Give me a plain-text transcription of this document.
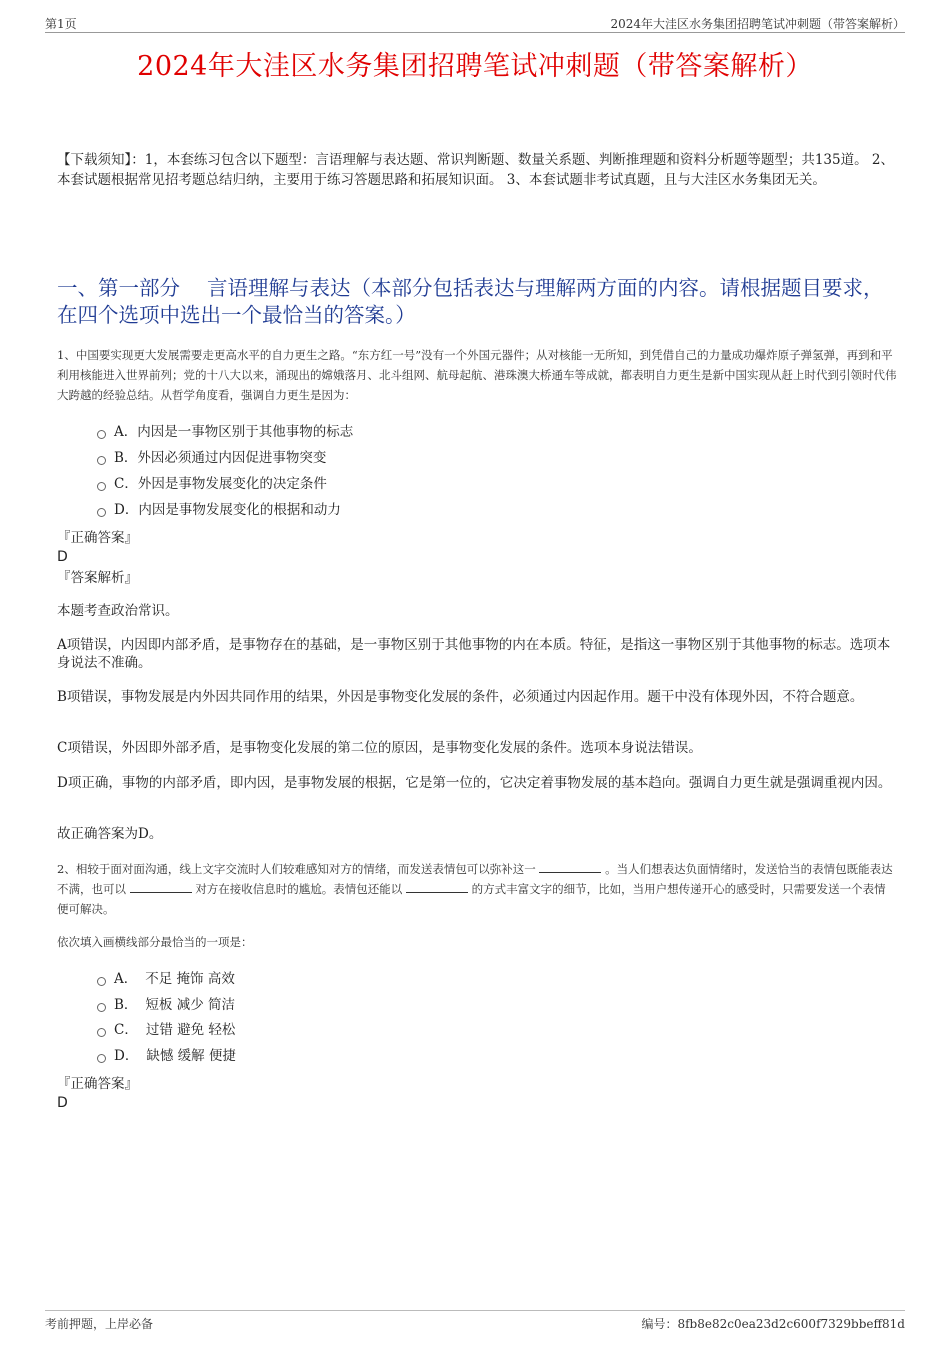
第1页	2024年大洼区水务集团招聘笔试冲刺题（带答案解析）
2024年大洼区水务集团招聘笔试冲刺题（带答案解析）
【下载须知】：1，本套练习包含以下题型：言语理解与表达题、常识判断题、数量关系题、判断推理题和资料分析题等题型；共135道。 2、本套试题根据常见招考题总结归纳，主要用于练习答题思路和拓展知识面。 3、本套试题非考试真题，且与大洼区水务集团无关。
一、第一部分　 言语理解与表达（本部分包括表达与理解两方面的内容。请根据题目要求，在四个选项中选出一个最恰当的答案。）
1、中国要实现更大发展需要走更高水平的自力更生之路。“东方红一号”没有一个外国元器件；从对核能一无所知，到凭借自己的力量成功爆炸原子弹氢弹，再到和平利用核能进入世界前列；党的十八大以来，涌现出的嫦娥落月、北斗组网、航母起航、港珠澳大桥通车等成就，都表明自力更生是新中国实现从赶上时代到引领时代伟大跨越的经验总结。从哲学角度看，强调自力更生是因为：
A． 内因是一事物区别于其他事物的标志
B． 外因必须通过内因促进事物突变
C． 外因是事物发展变化的决定条件
D． 内因是事物发展变化的根据和动力
『正确答案』
D
『答案解析』
本题考查政治常识。
A项错误，内因即内部矛盾，是事物存在的基础，是一事物区别于其他事物的内在本质。特征，是指这一事物区别于其他事物的标志。选项本身说法不准确。
B项错误，事物发展是内外因共同作用的结果，外因是事物变化发展的条件，必须通过内因起作用。题干中没有体现外因，不符合题意。
C项错误，外因即外部矛盾，是事物变化发展的第二位的原因，是事物变化发展的条件。选项本身说法错误。
D项正确，事物的内部矛盾，即内因，是事物发展的根据，它是第一位的，它决定着事物发展的基本趋向。强调自力更生就是强调重视内因。
故正确答案为D。
2、相较于面对面沟通，线上文字交流时人们较难感知对方的情绪，而发送表情包可以弥补这一	。当人们想表达负面情绪时，发送恰当的表情包既能表达不满，也可以	对方在接收信息时的尴尬。表情包还能以	的方式丰富文字的细节，比如，当用户想传递开心的感受时，只需要发送一个表情便可解决。
依次填入画横线部分最恰当的一项是：
A． 不足 掩饰 高效
B． 短板 减少 简洁
C． 过错 避免 轻松
D． 缺憾 缓解 便捷
『正确答案』
D
考前押题，上岸必备	编号：8fb8e82c0ea23d2c600f7329bbeff81d
